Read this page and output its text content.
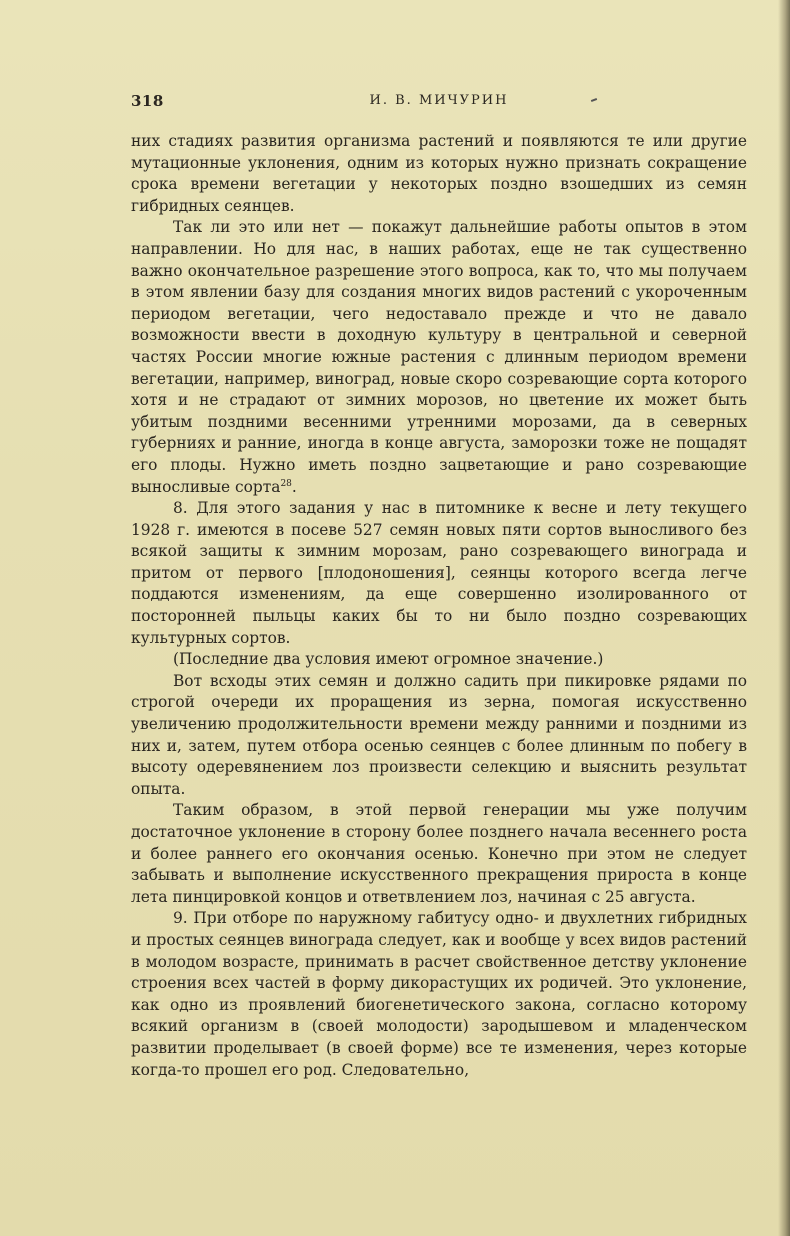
318	И. В. МИЧУРИН

них стадиях развития организма растений и появляются те или другие мутационные уклонения, одним из которых нужно признать сокращение срока времени вегетации у некоторых поздно взошедших из семян гибридных сеянцев.

Так ли это или нет — покажут дальнейшие работы опытов в этом направлении. Но для нас, в наших работах, еще не так существенно важно окончательное разрешение этого вопроса, как то, что мы получаем в этом явлении базу для создания многих видов растений с укороченным периодом вегетации, чего недоставало прежде и что не давало возможности ввести в доходную культуру в центральной и северной частях России многие южные растения с длинным периодом времени вегетации, например, виноград, новые скоро созревающие сорта которого хотя и не страдают от зимних морозов, но цветение их может быть убитым поздними весенними утренними морозами, да в северных губерниях и ранние, иногда в конце августа, заморозки тоже не пощадят его плоды. Нужно иметь поздно зацветающие и рано созревающие выносливые сорта$^{28}$.

8. Для этого задания у нас в питомнике к весне и лету текущего 1928 г. имеются в посеве 527 семян новых пяти сортов выносливого без всякой защиты к зимним морозам, рано созревающего винограда и притом от первого [плодоношения], сеянцы которого всегда легче поддаются изменениям, да еще совершенно изолированного от посторонней пыльцы каких бы то ни было поздно созревающих культурных сортов.

(Последние два условия имеют огромное значение.)

Вот всходы этих семян и должно садить при пикировке рядами по строгой очереди их проращения из зерна, помогая искусственно увеличению продолжительности времени между ранними и поздними из них и, затем, путем отбора осенью сеянцев с более длинным по побегу в высоту одеревянением лоз произвести селекцию и выяснить результат опыта.

Таким образом, в этой первой генерации мы уже получим достаточное уклонение в сторону более позднего начала весеннего роста и более раннего его окончания осенью. Конечно при этом не следует забывать и выполнение искусственного прекращения прироста в конце лета пинцировкой концов и ответвлением лоз, начиная с 25 августа.

9. При отборе по наружному габитусу одно- и двухлетних гибридных и простых сеянцев винограда следует, как и вообще у всех видов растений в молодом возрасте, принимать в расчет свойственное детству уклонение строения всех частей в форму дикорастущих их родичей. Это уклонение, как одно из проявлений биогенетического закона, согласно которому всякий организм в (своей молодости) зародышевом и младенческом развитии проделывает (в своей форме) все те изменения, через которые когда-то прошел его род. Следовательно,
